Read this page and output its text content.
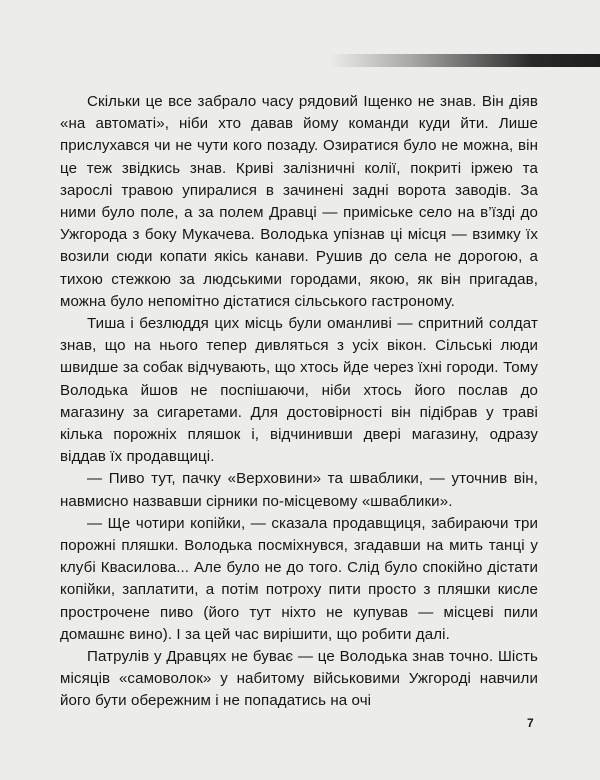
Скільки це все забрало часу рядовий Іщенко не знав. Він діяв «на автоматі», ніби хто давав йому команди куди йти. Лише прислухався чи не чути кого позаду. Озиратися було не можна, він це теж звідкись знав. Криві залізничні колії, покриті іржею та зарослі травою упиралися в зачинені задні ворота заводів. За ними було поле, а за полем Дравці — приміське село на в’їзді до Ужгорода з боку Мукачева. Володька упізнав ці місця — взимку їх возили сюди копати якісь канави. Рушив до села не дорогою, а тихою стежкою за людськими городами, якою, як він пригадав, можна було непомітно дістатися сільського гастроному.

Тиша і безлюддя цих місць були оманливі — спритний солдат знав, що на нього тепер дивляться з усіх вікон. Сільські люди швидше за собак відчувають, що хтось йде через їхні городи. Тому Володька йшов не поспішаючи, ніби хтось його послав до магазину за сигаретами. Для достовірності він підібрав у траві кілька порожніх пляшок і, відчинивши двері магазину, одразу віддав їх продавщиці.

— Пиво тут, пачку «Верховини» та шваблики, — уточнив він, навмисно назвавши сірники по-місцевому «шваблики».

— Ще чотири копійки, — сказала продавщиця, забираючи три порожні пляшки. Володька посміхнувся, згадавши на мить танці у клубі Квасилова... Але було не до того. Слід було спокійно дістати копійки, заплатити, а потім потроху пити просто з пляшки кисле прострочене пиво (його тут ніхто не купував — місцеві пили домашнє вино). І за цей час вирішити, що робити далі.

Патрулів у Дравцях не буває — це Володька знав точно. Шість місяців «самоволок» у набитому військовими Ужгороді навчили його бути обережним і не попадатись на очі

7
